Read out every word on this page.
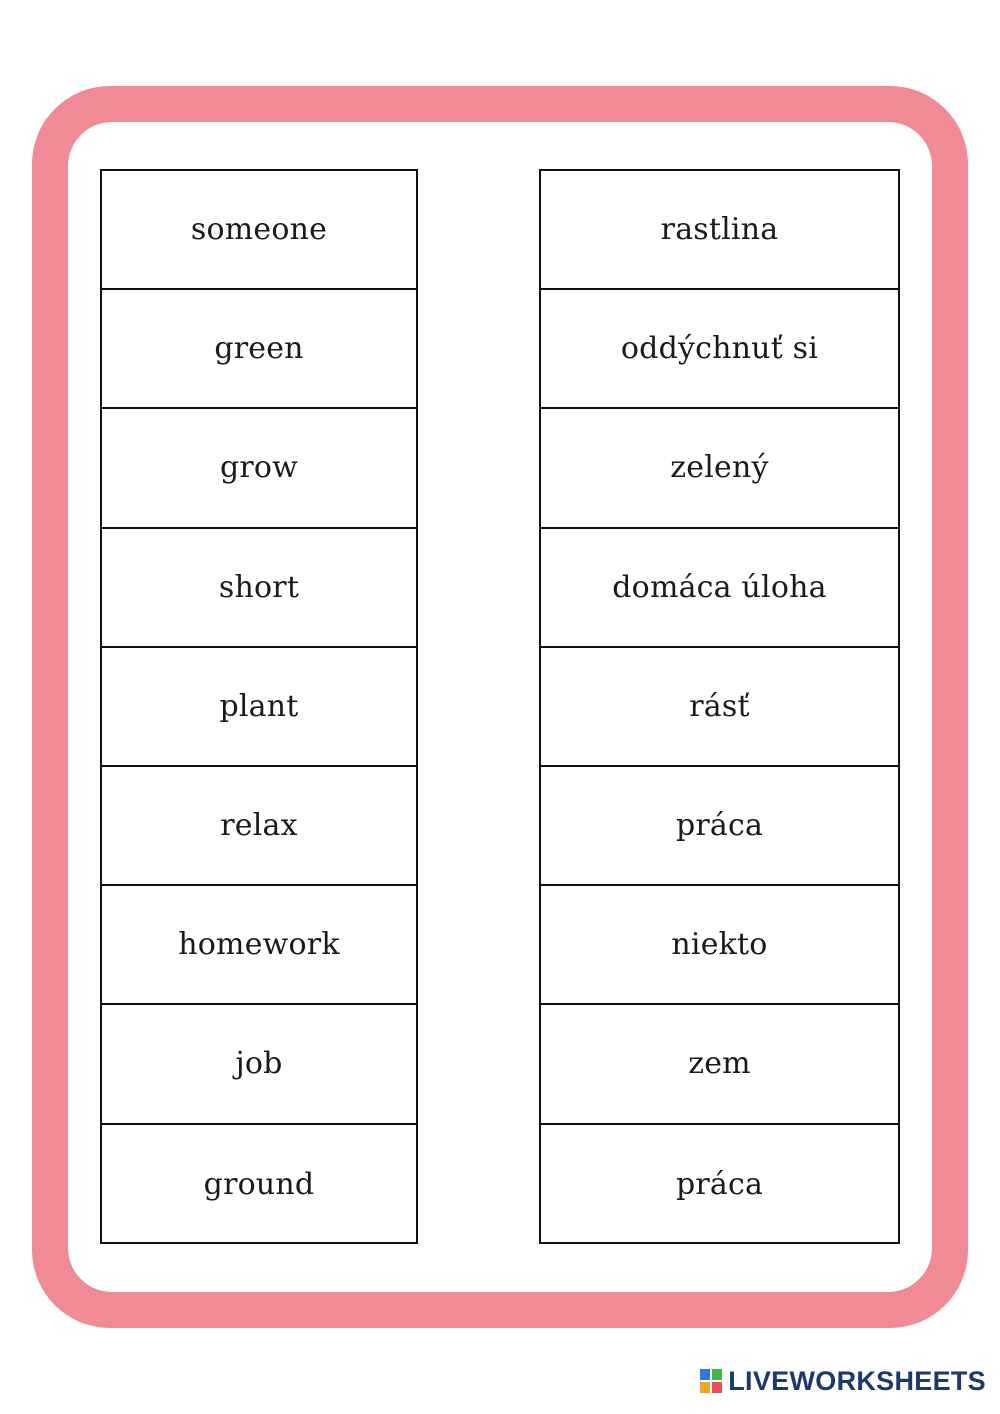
someone
green
grow
short
plant
relax
homework
job
ground
rastlina
oddýchnuť si
zelený
domáca úloha
rásť
práca
niekto
zem
práca
LIVEWORKSHEETS
